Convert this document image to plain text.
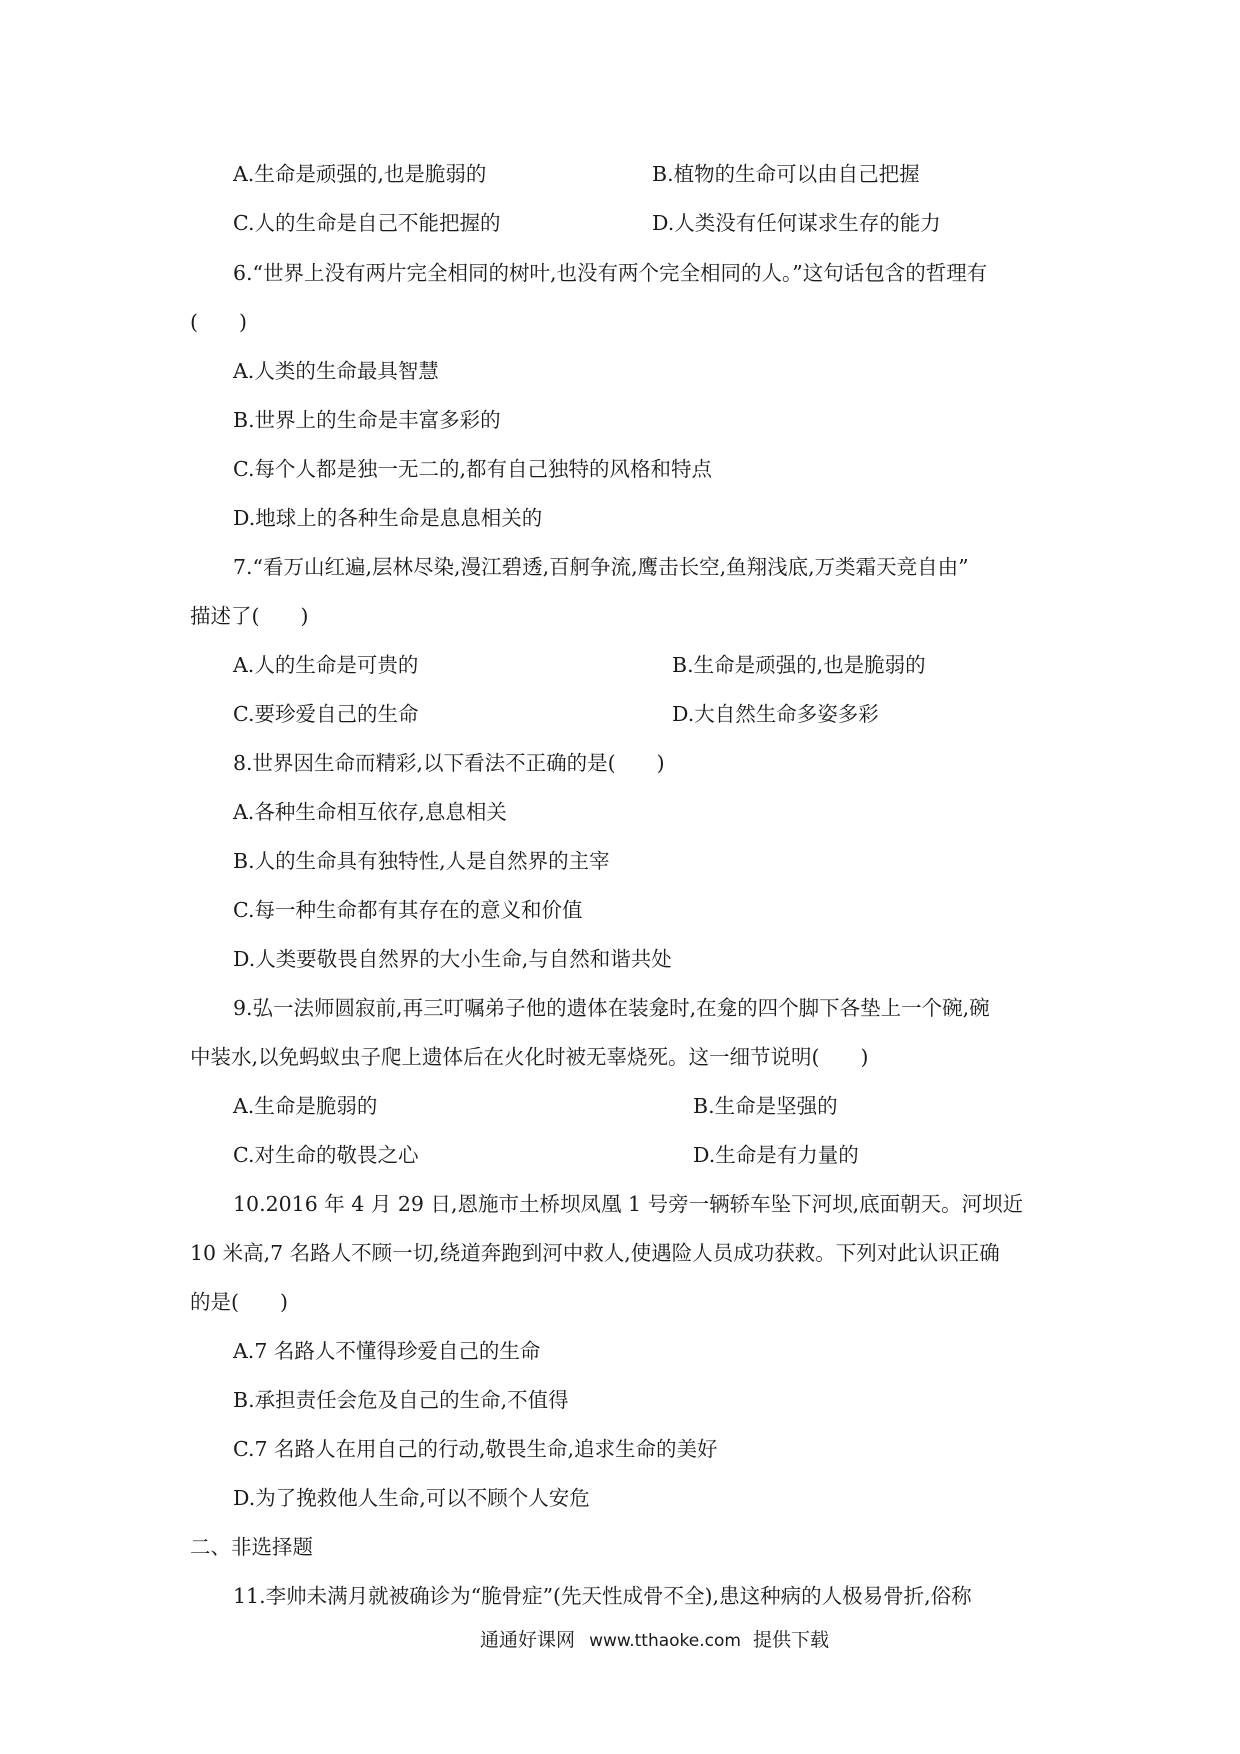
A.生命是顽强的,也是脆弱的	B.植物的生命可以由自己把握
C.人的生命是自己不能把握的	D.人类没有任何谋求生存的能力
6.“世界上没有两片完全相同的树叶,也没有两个完全相同的人。”这句话包含的哲理有
(　　)
A.人类的生命最具智慧
B.世界上的生命是丰富多彩的
C.每个人都是独一无二的,都有自己独特的风格和特点
D.地球上的各种生命是息息相关的
7.“看万山红遍,层林尽染,漫江碧透,百舸争流,鹰击长空,鱼翔浅底,万类霜天竞自由”
描述了(　　)
A.人的生命是可贵的	B.生命是顽强的,也是脆弱的
C.要珍爱自己的生命	D.大自然生命多姿多彩
8.世界因生命而精彩,以下看法不正确的是(　　)
A.各种生命相互依存,息息相关
B.人的生命具有独特性,人是自然界的主宰
C.每一种生命都有其存在的意义和价值
D.人类要敬畏自然界的大小生命,与自然和谐共处
9.弘一法师圆寂前,再三叮嘱弟子他的遗体在装龛时,在龛的四个脚下各垫上一个碗,碗
中装水,以免蚂蚁虫子爬上遗体后在火化时被无辜烧死。这一细节说明(　　)
A.生命是脆弱的	B.生命是坚强的
C.对生命的敬畏之心	D.生命是有力量的
10.2016 年 4 月 29 日,恩施市土桥坝凤凰 1 号旁一辆轿车坠下河坝,底面朝天。河坝近
10 米高,7 名路人不顾一切,绕道奔跑到河中救人,使遇险人员成功获救。下列对此认识正确
的是(　　)
A.7 名路人不懂得珍爱自己的生命
B.承担责任会危及自己的生命,不值得
C.7 名路人在用自己的行动,敬畏生命,追求生命的美好
D.为了挽救他人生命,可以不顾个人安危
二、非选择题
11.李帅未满月就被确诊为“脆骨症”(先天性成骨不全),患这种病的人极易骨折,俗称
通通好课网 www.tthaoke.com 提供下载
